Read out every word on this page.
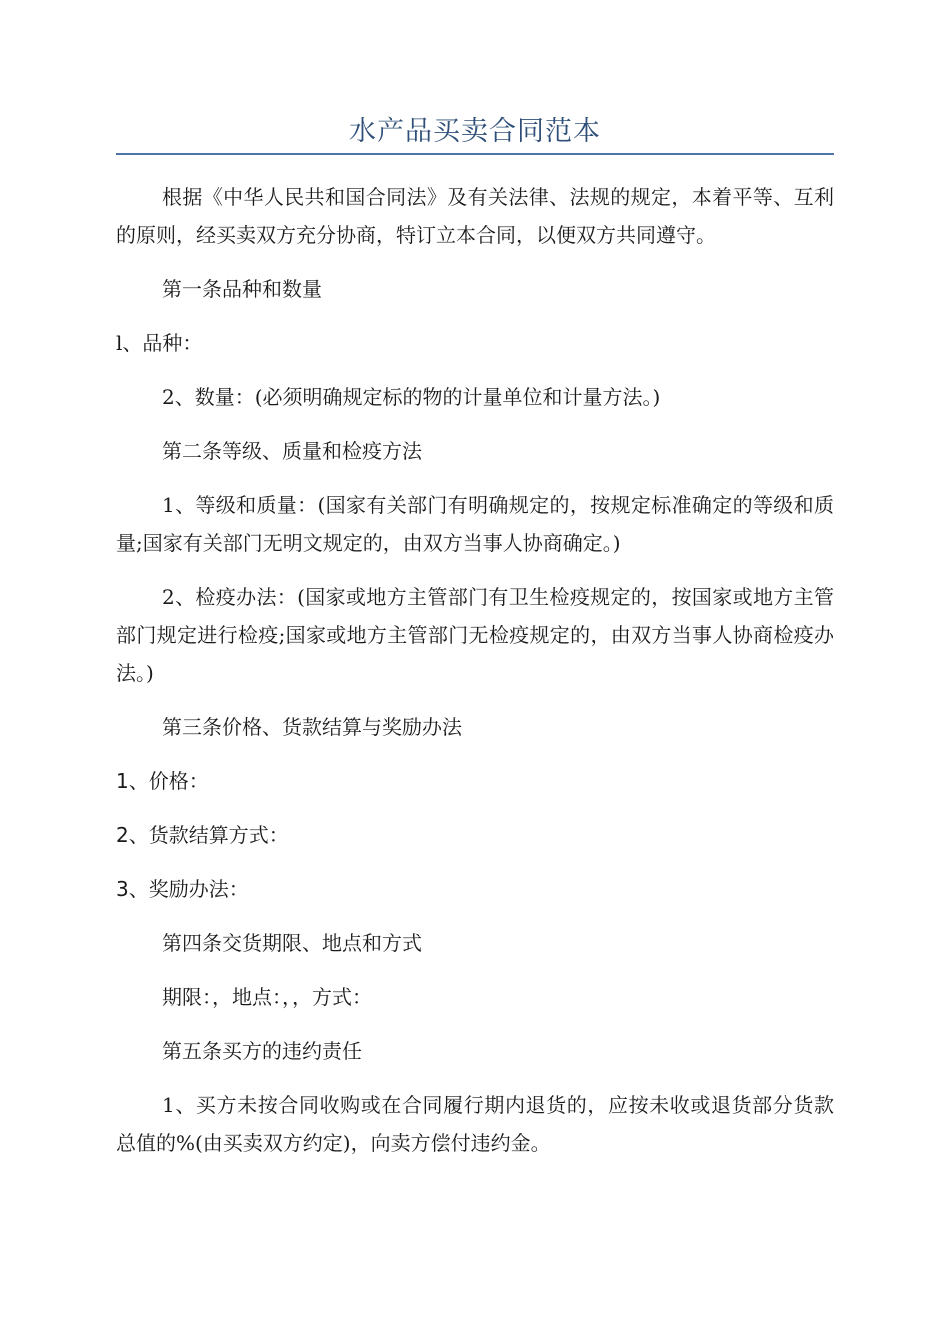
水产品买卖合同范本

根据《中华人民共和国合同法》及有关法律、法规的规定，本着平等、互利的原则，经买卖双方充分协商，特订立本合同，以便双方共同遵守。

第一条品种和数量

l、品种：

2、数量：(必须明确规定标的物的计量单位和计量方法。)

第二条等级、质量和检疫方法

1、等级和质量：(国家有关部门有明确规定的，按规定标准确定的等级和质量;国家有关部门无明文规定的，由双方当事人协商确定。)

2、检疫办法：(国家或地方主管部门有卫生检疫规定的，按国家或地方主管部门规定进行检疫;国家或地方主管部门无检疫规定的，由双方当事人协商检疫办法。)

第三条价格、货款结算与奖励办法

1、价格：

2、货款结算方式：

3、奖励办法：

第四条交货期限、地点和方式

期限：，地点：，，方式：

第五条买方的违约责任

1、买方未按合同收购或在合同履行期内退货的，应按未收或退货部分货款总值的%(由买卖双方约定)，向卖方偿付违约金。
